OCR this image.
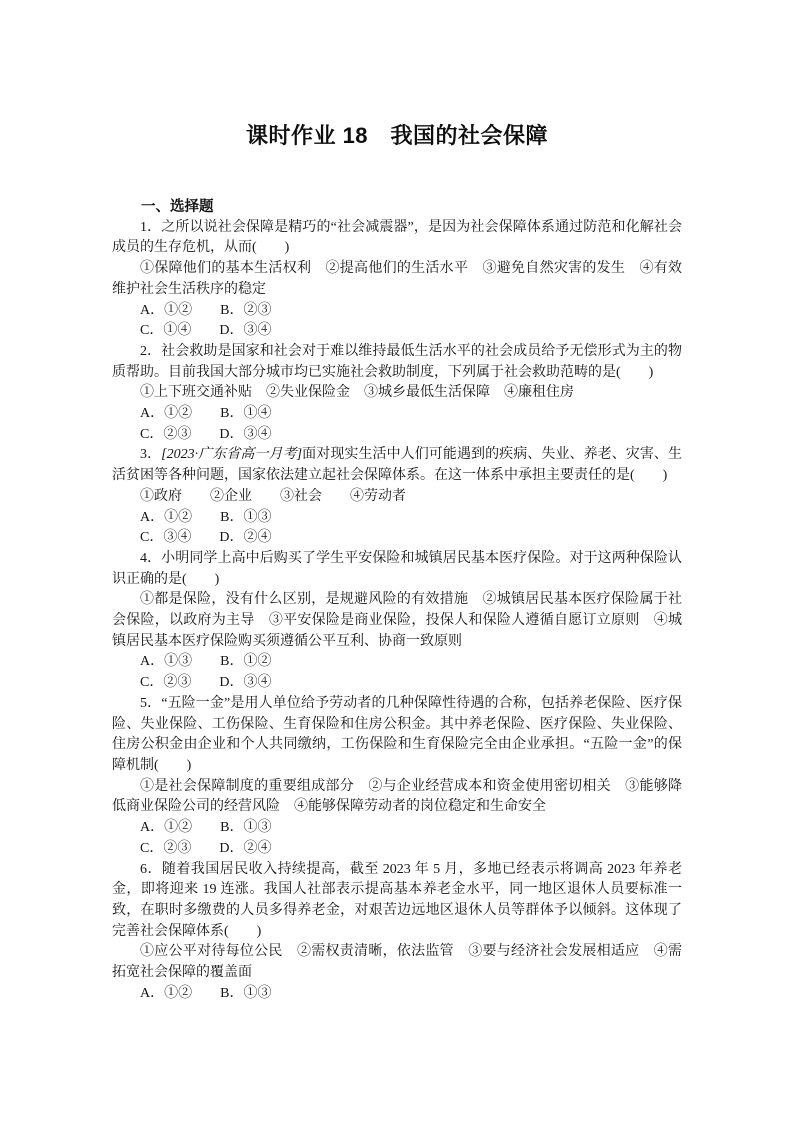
课时作业 18　我国的社会保障

一、选择题

1．之所以说社会保障是精巧的“社会减震器”，是因为社会保障体系通过防范和化解社会成员的生存危机，从而(　　)

①保障他们的基本生活权利　②提高他们的生活水平　③避免自然灾害的发生　④有效维护社会生活秩序的稳定

A．①②　　B．②③

C．①④　　D．③④

2．社会救助是国家和社会对于难以维持最低生活水平的社会成员给予无偿形式为主的物质帮助。目前我国大部分城市均已实施社会救助制度，下列属于社会救助范畴的是(　　)

①上下班交通补贴　②失业保险金　③城乡最低生活保障　④廉租住房

A．①②　　B．①④

C．②③　　D．③④

3．[2023·广东省高一月考]面对现实生活中人们可能遇到的疾病、失业、养老、灾害、生活贫困等各种问题，国家依法建立起社会保障体系。在这一体系中承担主要责任的是(　　)

①政府　　②企业　　③社会　　④劳动者

A．①②　　B．①③

C．③④　　D．②④

4．小明同学上高中后购买了学生平安保险和城镇居民基本医疗保险。对于这两种保险认识正确的是(　　)

①都是保险，没有什么区别，是规避风险的有效措施　②城镇居民基本医疗保险属于社会保险，以政府为主导　③平安保险是商业保险，投保人和保险人遵循自愿订立原则　④城镇居民基本医疗保险购买须遵循公平互利、协商一致原则

A．①③　　B．①②

C．②③　　D．③④

5．“五险一金”是用人单位给予劳动者的几种保障性待遇的合称，包括养老保险、医疗保险、失业保险、工伤保险、生育保险和住房公积金。其中养老保险、医疗保险、失业保险、住房公积金由企业和个人共同缴纳，工伤保险和生育保险完全由企业承担。“五险一金”的保障机制(　　)

①是社会保障制度的重要组成部分　②与企业经营成本和资金使用密切相关　③能够降低商业保险公司的经营风险　④能够保障劳动者的岗位稳定和生命安全

A．①②　　B．①③

C．②③　　D．②④

6．随着我国居民收入持续提高，截至 2023 年 5 月，多地已经表示将调高 2023 年养老金，即将迎来 19 连涨。我国人社部表示提高基本养老金水平，同一地区退休人员要标准一致，在职时多缴费的人员多得养老金，对艰苦边远地区退休人员等群体予以倾斜。这体现了完善社会保障体系(　　)

①应公平对待每位公民　②需权责清晰，依法监管　③要与经济社会发展相适应　④需拓宽社会保障的覆盖面

A．①②　　B．①③
